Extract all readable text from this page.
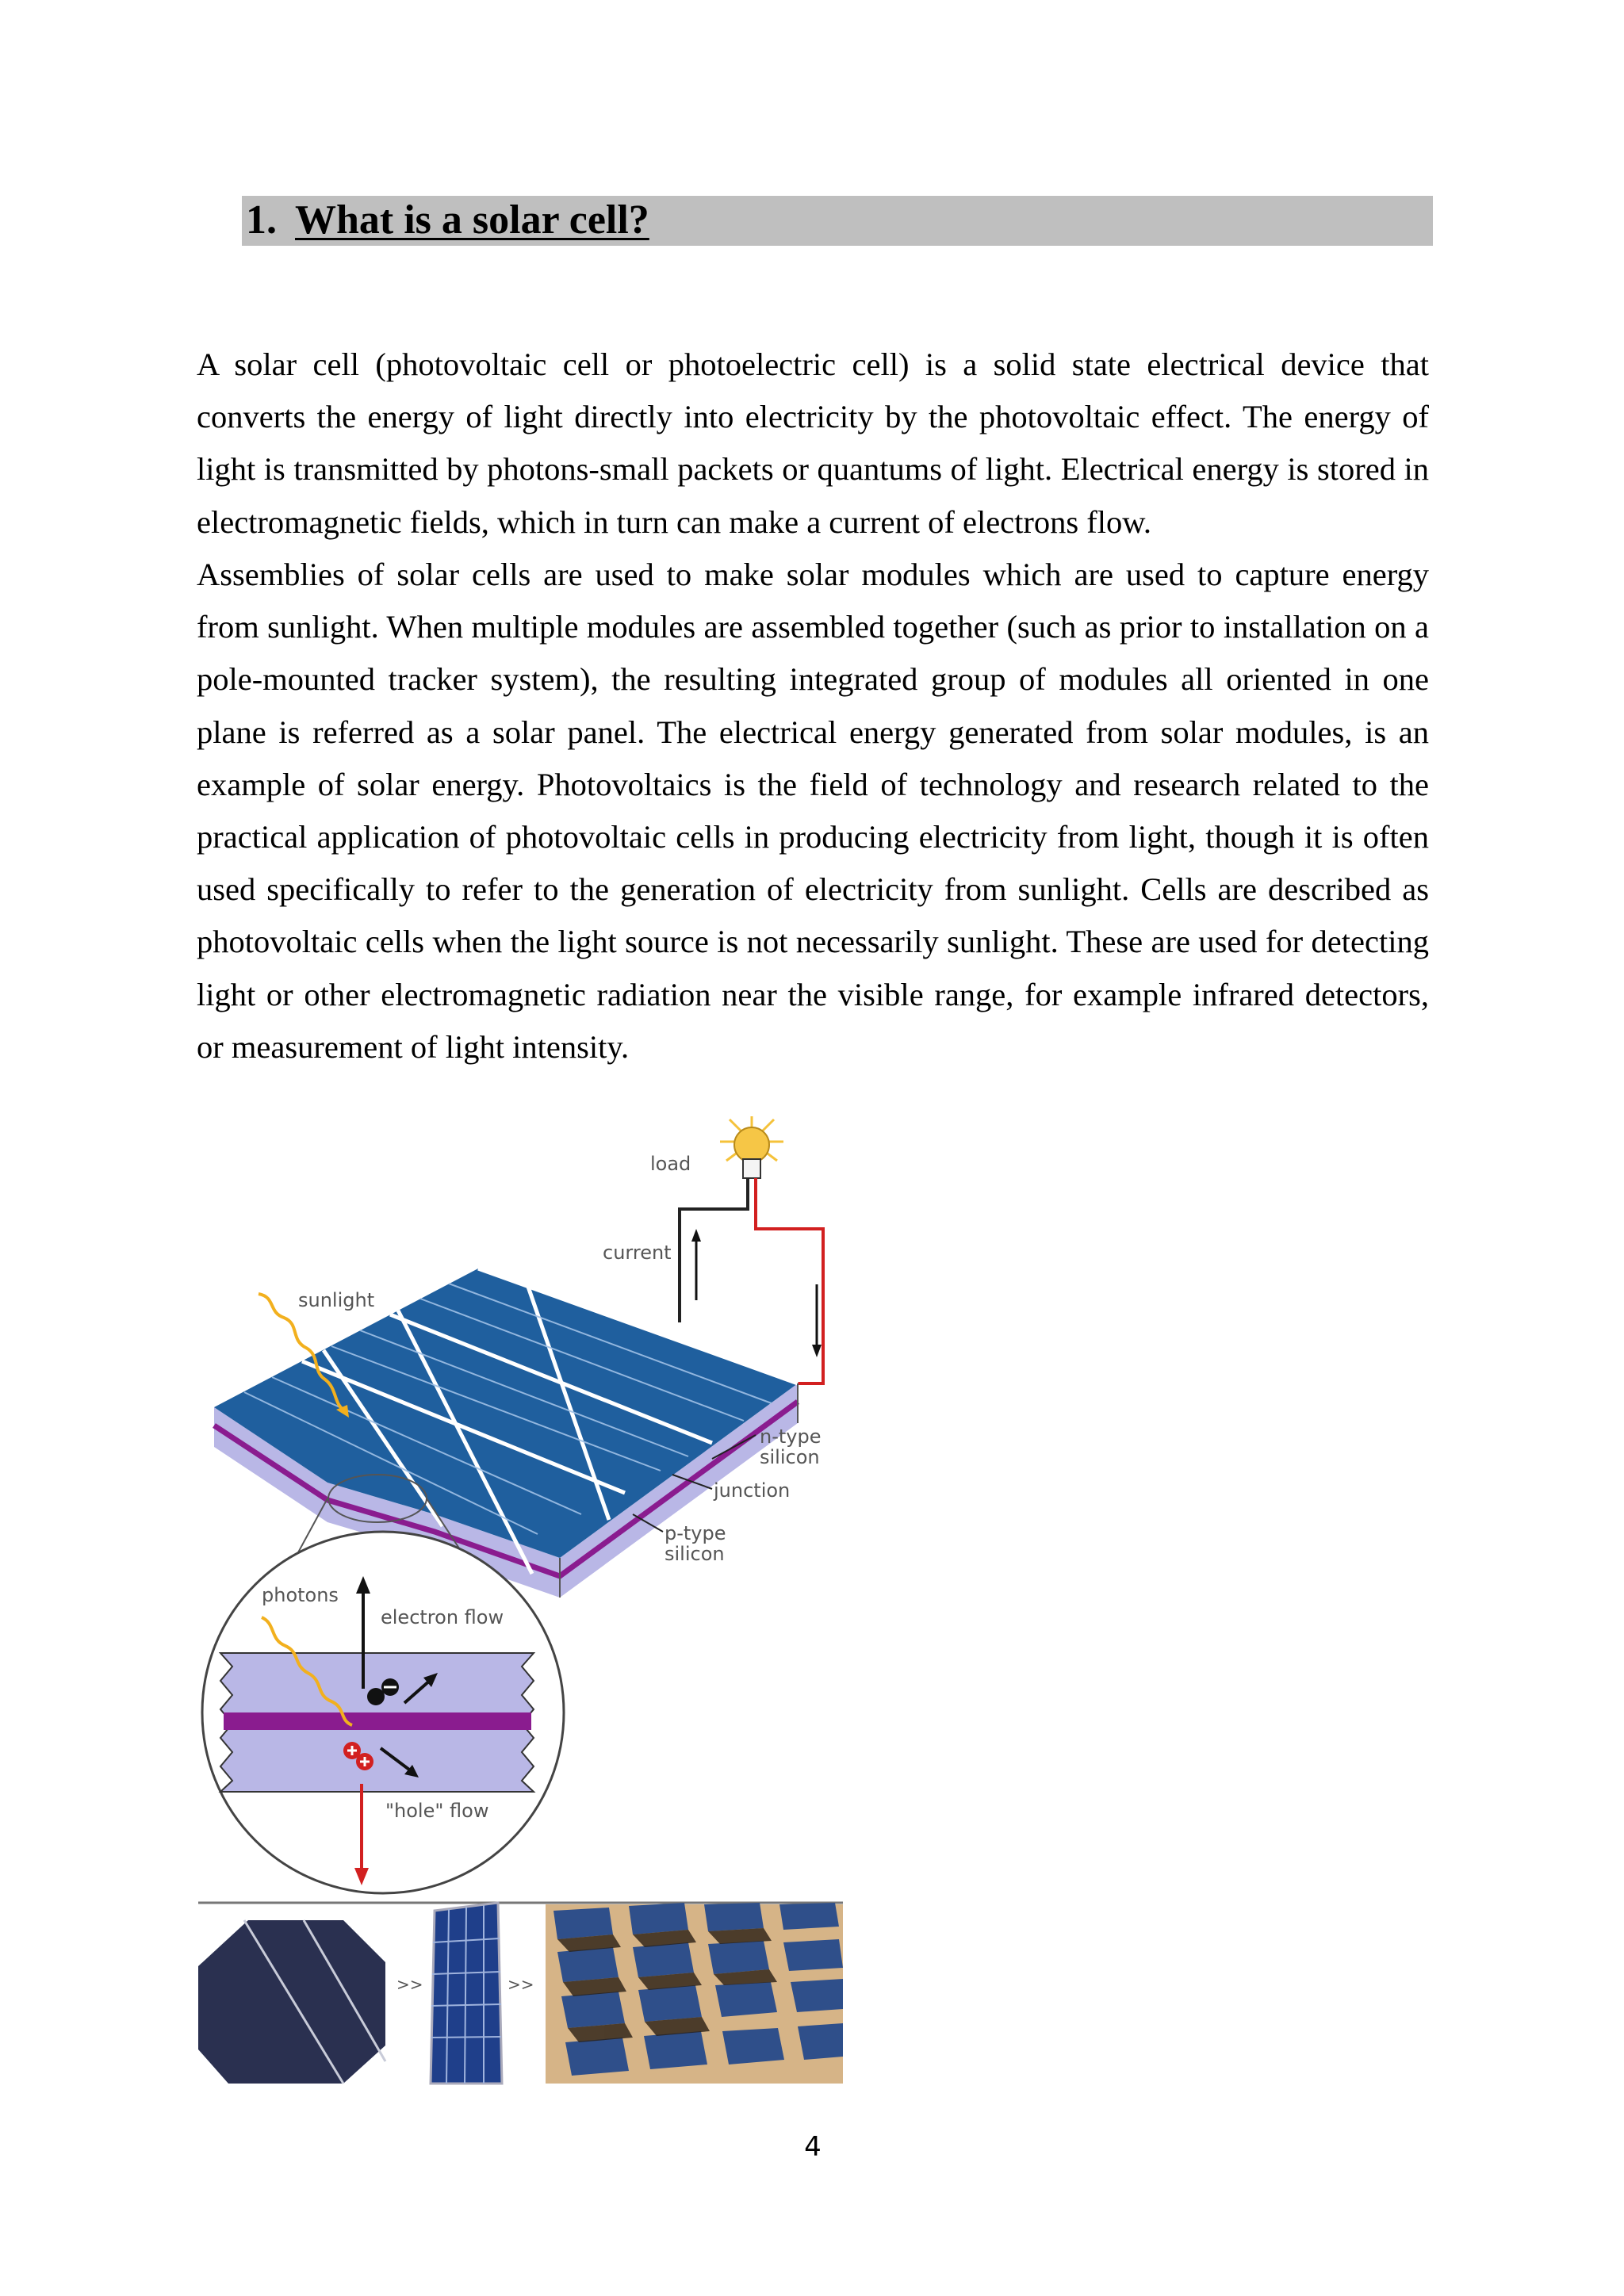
1. What is a solar cell?

A solar cell (photovoltaic cell or photoelectric cell) is a solid state electrical device that converts the energy of light directly into electricity by the photovoltaic effect. The energy of light is transmitted by photons-small packets or quantums of light. Electrical energy is stored in electromagnetic fields, which in turn can make a current of electrons flow.

Assemblies of solar cells are used to make solar modules which are used to capture energy from sunlight. When multiple modules are assembled together (such as prior to installation on a pole-mounted tracker system), the resulting integrated group of modules all oriented in one plane is referred as a solar panel. The electrical energy generated from solar modules, is an example of solar energy. Photovoltaics is the field of technology and research related to the practical application of photovoltaic cells in producing electricity from light, though it is often used specifically to refer to the generation of electricity from sunlight. Cells are described as photovoltaic cells when the light source is not necessarily sunlight. These are used for detecting light or other electromagnetic radiation near the visible range, for example infrared detectors, or measurement of light intensity.

load
current
sunlight
n-type
silicon
junction
p-type
silicon
photons
electron flow
"hole" flow
>>	>>
4
